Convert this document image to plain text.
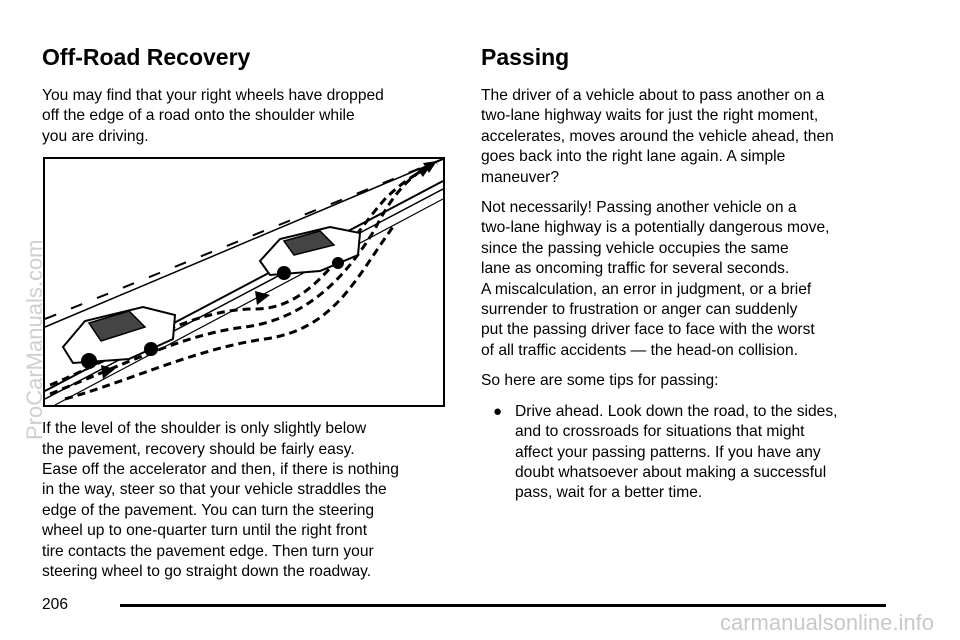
Off-Road Recovery

You may find that your right wheels have dropped
off the edge of a road onto the shoulder while
you are driving.

If the level of the shoulder is only slightly below
the pavement, recovery should be fairly easy.
Ease off the accelerator and then, if there is nothing
in the way, steer so that your vehicle straddles the
edge of the pavement. You can turn the steering
wheel up to one-quarter turn until the right front
tire contacts the pavement edge. Then turn your
steering wheel to go straight down the roadway.

Passing

The driver of a vehicle about to pass another on a
two-lane highway waits for just the right moment,
accelerates, moves around the vehicle ahead, then
goes back into the right lane again. A simple
maneuver?

Not necessarily! Passing another vehicle on a
two-lane highway is a potentially dangerous move,
since the passing vehicle occupies the same
lane as oncoming traffic for several seconds.
A miscalculation, an error in judgment, or a brief
surrender to frustration or anger can suddenly
put the passing driver face to face with the worst
of all traffic accidents — the head-on collision.

So here are some tips for passing:

● Drive ahead. Look down the road, to the sides,
and to crossroads for situations that might
affect your passing patterns. If you have any
doubt whatsoever about making a successful
pass, wait for a better time.
ProCarManuals.com
206
carmanualsonline.info
